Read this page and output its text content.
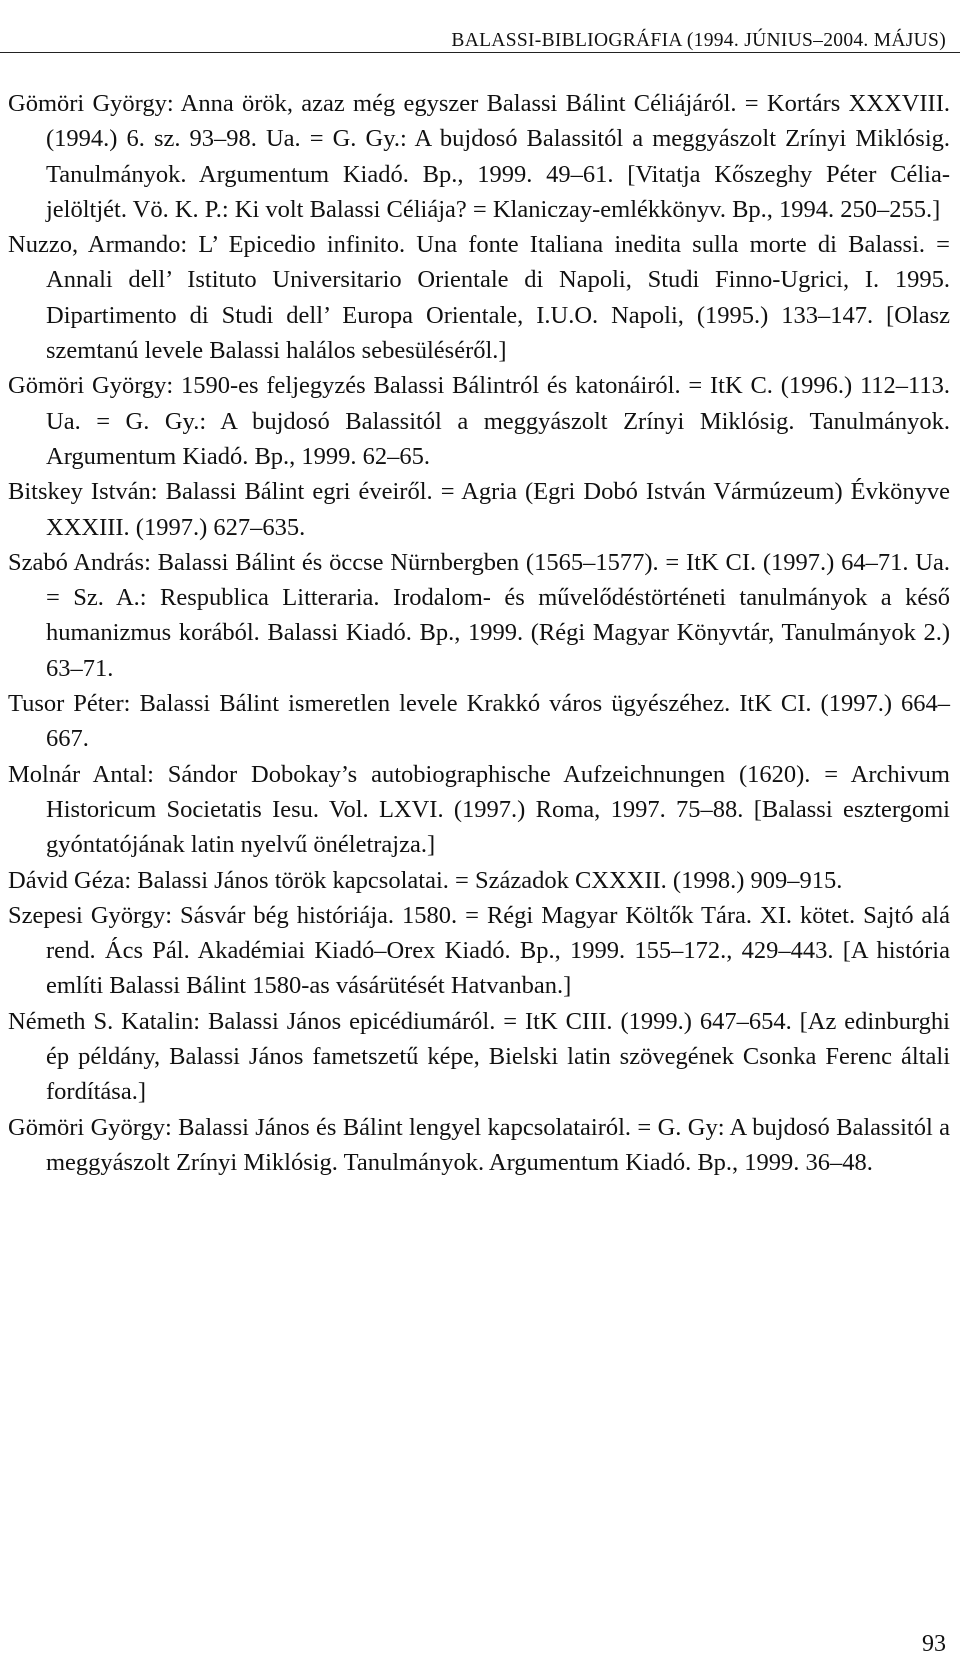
BALASSI-BIBLIOGRÁFIA (1994. JÚNIUS–2004. MÁJUS)
Gömöri György: Anna örök, azaz még egyszer Balassi Bálint Céliájáról. = Kortárs XXXVIII. (1994.) 6. sz. 93–98. Ua. = G. Gy.: A bujdosó Balassitól a meggyászolt Zrínyi Miklósig. Tanulmányok. Argumentum Kiadó. Bp., 1999. 49–61. [Vitatja Kőszeghy Péter Célia-jelöltjét. Vö. K. P.: Ki volt Balassi Céliája? = Klaniczay-emlékkönyv. Bp., 1994. 250–255.]
Nuzzo, Armando: L’ Epicedio infinito. Una fonte Italiana inedita sulla morte di Balassi. = Annali dell’ Istituto Universitario Orientale di Napoli, Studi Finno-Ugrici, I. 1995. Dipartimento di Studi dell’ Europa Orientale, I.U.O. Napoli, (1995.) 133–147. [Olasz szemtanú levele Balassi halálos sebesüléséről.]
Gömöri György: 1590-es feljegyzés Balassi Bálintról és katonáiról. = ItK C. (1996.) 112–113. Ua. = G. Gy.: A bujdosó Balassitól a meggyászolt Zrínyi Miklósig. Tanulmányok. Argumentum Kiadó. Bp., 1999. 62–65.
Bitskey István: Balassi Bálint egri éveiről. = Agria (Egri Dobó István Vármúzeum) Évkönyve XXXIII. (1997.) 627–635.
Szabó András: Balassi Bálint és öccse Nürnbergben (1565–1577). = ItK CI. (1997.) 64–71. Ua. = Sz. A.: Respublica Litteraria. Irodalom- és művelődéstörténeti tanulmányok a késő humanizmus korából. Balassi Kiadó. Bp., 1999. (Régi Magyar Könyvtár, Tanulmányok 2.) 63–71.
Tusor Péter: Balassi Bálint ismeretlen levele Krakkó város ügyészéhez. ItK CI. (1997.) 664–667.
Molnár Antal: Sándor Dobokay’s autobiographische Aufzeichnungen (1620). = Archivum Historicum Societatis Iesu. Vol. LXVI. (1997.) Roma, 1997. 75–88. [Balassi esztergomi gyóntatójának latin nyelvű önéletrajza.]
Dávid Géza: Balassi János török kapcsolatai. = Századok CXXXII. (1998.) 909–915.
Szepesi György: Sásvár bég históriája. 1580. = Régi Magyar Költők Tára. XI. kötet. Sajtó alá rend. Ács Pál. Akadémiai Kiadó–Orex Kiadó. Bp., 1999. 155–172., 429–443. [A história említi Balassi Bálint 1580-as vásárütését Hatvanban.]
Németh S. Katalin: Balassi János epicédiumáról. = ItK CIII. (1999.) 647–654. [Az edinburghi ép példány, Balassi János fametszetű képe, Bielski latin szövegének Csonka Ferenc általi fordítása.]
Gömöri György: Balassi János és Bálint lengyel kapcsolatairól. = G. Gy: A bujdosó Balassitól a meggyászolt Zrínyi Miklósig. Tanulmányok. Argumentum Kiadó. Bp., 1999. 36–48.
93
